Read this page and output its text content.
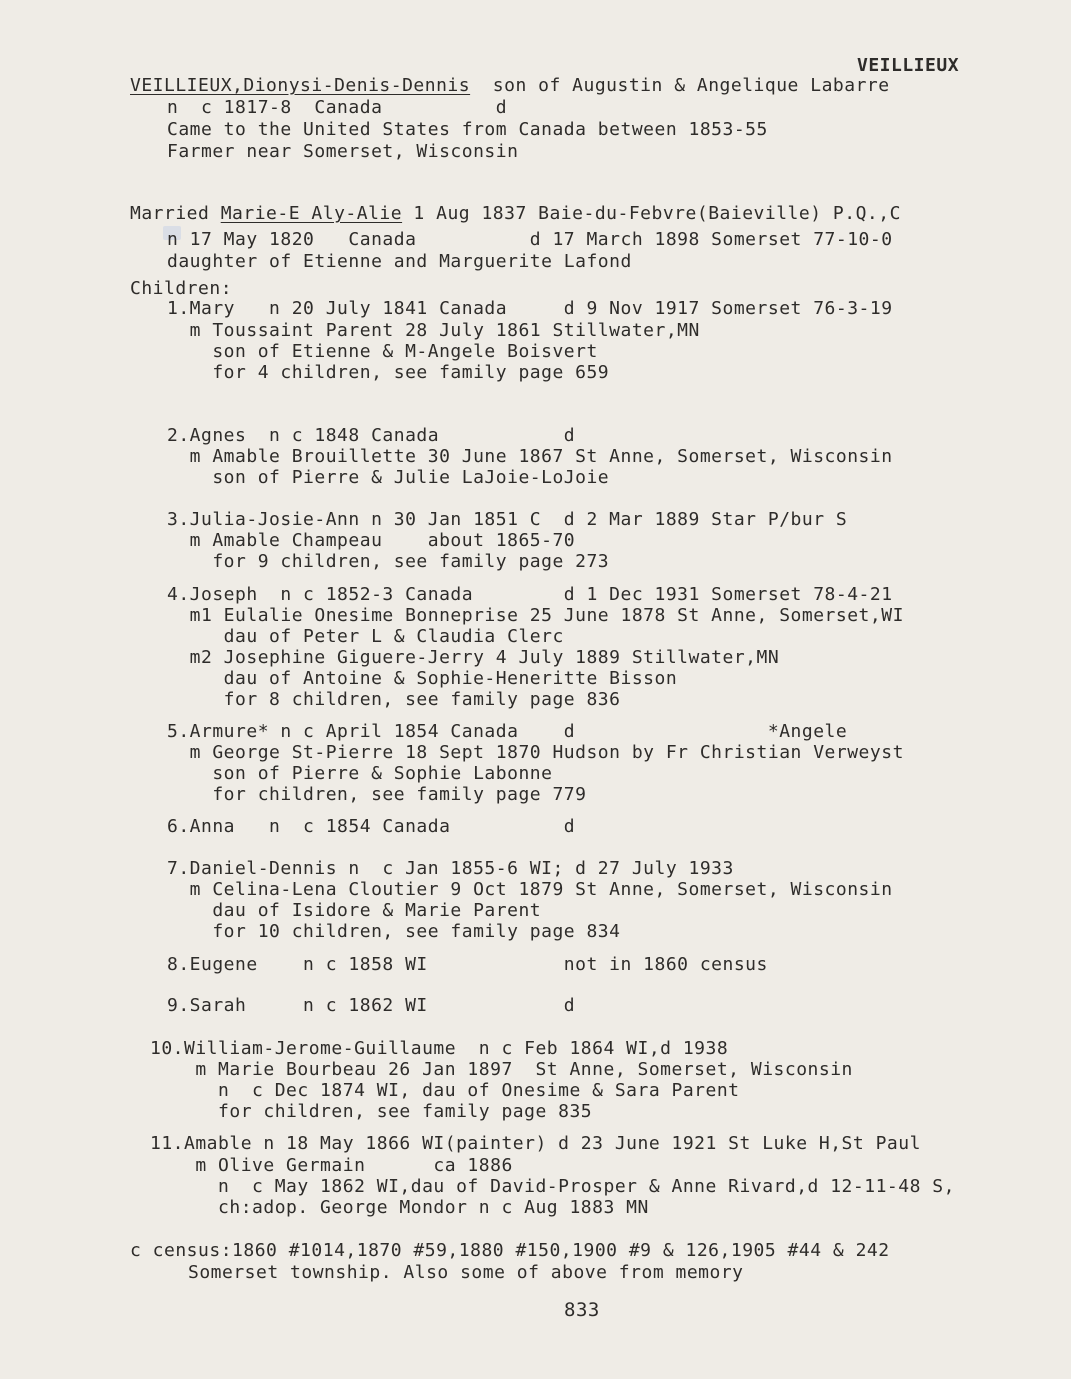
VEILLIEUX
VEILLIEUX,Dionysi-Denis-Dennis son of Augustin & Angelique Labarre
n  c 1817-8  Canada          d
Came to the United States from Canada between 1853-55
Farmer near Somerset, Wisconsin
Married Marie-E Aly-Alie 1 Aug 1837 Baie-du-Febvre(Baieville) P.Q.,C
n 17 May 1820   Canada          d 17 March 1898 Somerset 77-10-0
daughter of Etienne and Marguerite Lafond
Children:
1.Mary   n 20 July 1841 Canada     d 9 Nov 1917 Somerset 76-3-19
m Toussaint Parent 28 July 1861 Stillwater,MN
son of Etienne & M-Angele Boisvert
for 4 children, see family page 659
2.Agnes  n c 1848 Canada           d
m Amable Brouillette 30 June 1867 St Anne, Somerset, Wisconsin
son of Pierre & Julie LaJoie-LoJoie
3.Julia-Josie-Ann n 30 Jan 1851 C  d 2 Mar 1889 Star P/bur S
m Amable Champeau    about 1865-70
for 9 children, see family page 273
4.Joseph  n c 1852-3 Canada        d 1 Dec 1931 Somerset 78-4-21
m1 Eulalie Onesime Bonneprise 25 June 1878 St Anne, Somerset,WI
dau of Peter L & Claudia Clerc
m2 Josephine Giguere-Jerry 4 July 1889 Stillwater,MN
dau of Antoine & Sophie-Heneritte Bisson
for 8 children, see family page 836
5.Armure* n c April 1854 Canada    d                 *Angele
m George St-Pierre 18 Sept 1870 Hudson by Fr Christian Verweyst
son of Pierre & Sophie Labonne
for children, see family page 779
6.Anna   n  c 1854 Canada          d
7.Daniel-Dennis n  c Jan 1855-6 WI; d 27 July 1933
m Celina-Lena Cloutier 9 Oct 1879 St Anne, Somerset, Wisconsin
dau of Isidore & Marie Parent
for 10 children, see family page 834
8.Eugene    n c 1858 WI            not in 1860 census
9.Sarah     n c 1862 WI            d
10.William-Jerome-Guillaume  n c Feb 1864 WI,d 1938
m Marie Bourbeau 26 Jan 1897  St Anne, Somerset, Wisconsin
n  c Dec 1874 WI, dau of Onesime & Sara Parent
for children, see family page 835
11.Amable n 18 May 1866 WI(painter) d 23 June 1921 St Luke H,St Paul
m Olive Germain      ca 1886
n  c May 1862 WI,dau of David-Prosper & Anne Rivard,d 12-11-48 S,
ch:adop. George Mondor n c Aug 1883 MN
c census:1860 #1014,1870 #59,1880 #150,1900 #9 & 126,1905 #44 & 242
Somerset township. Also some of above from memory
833
